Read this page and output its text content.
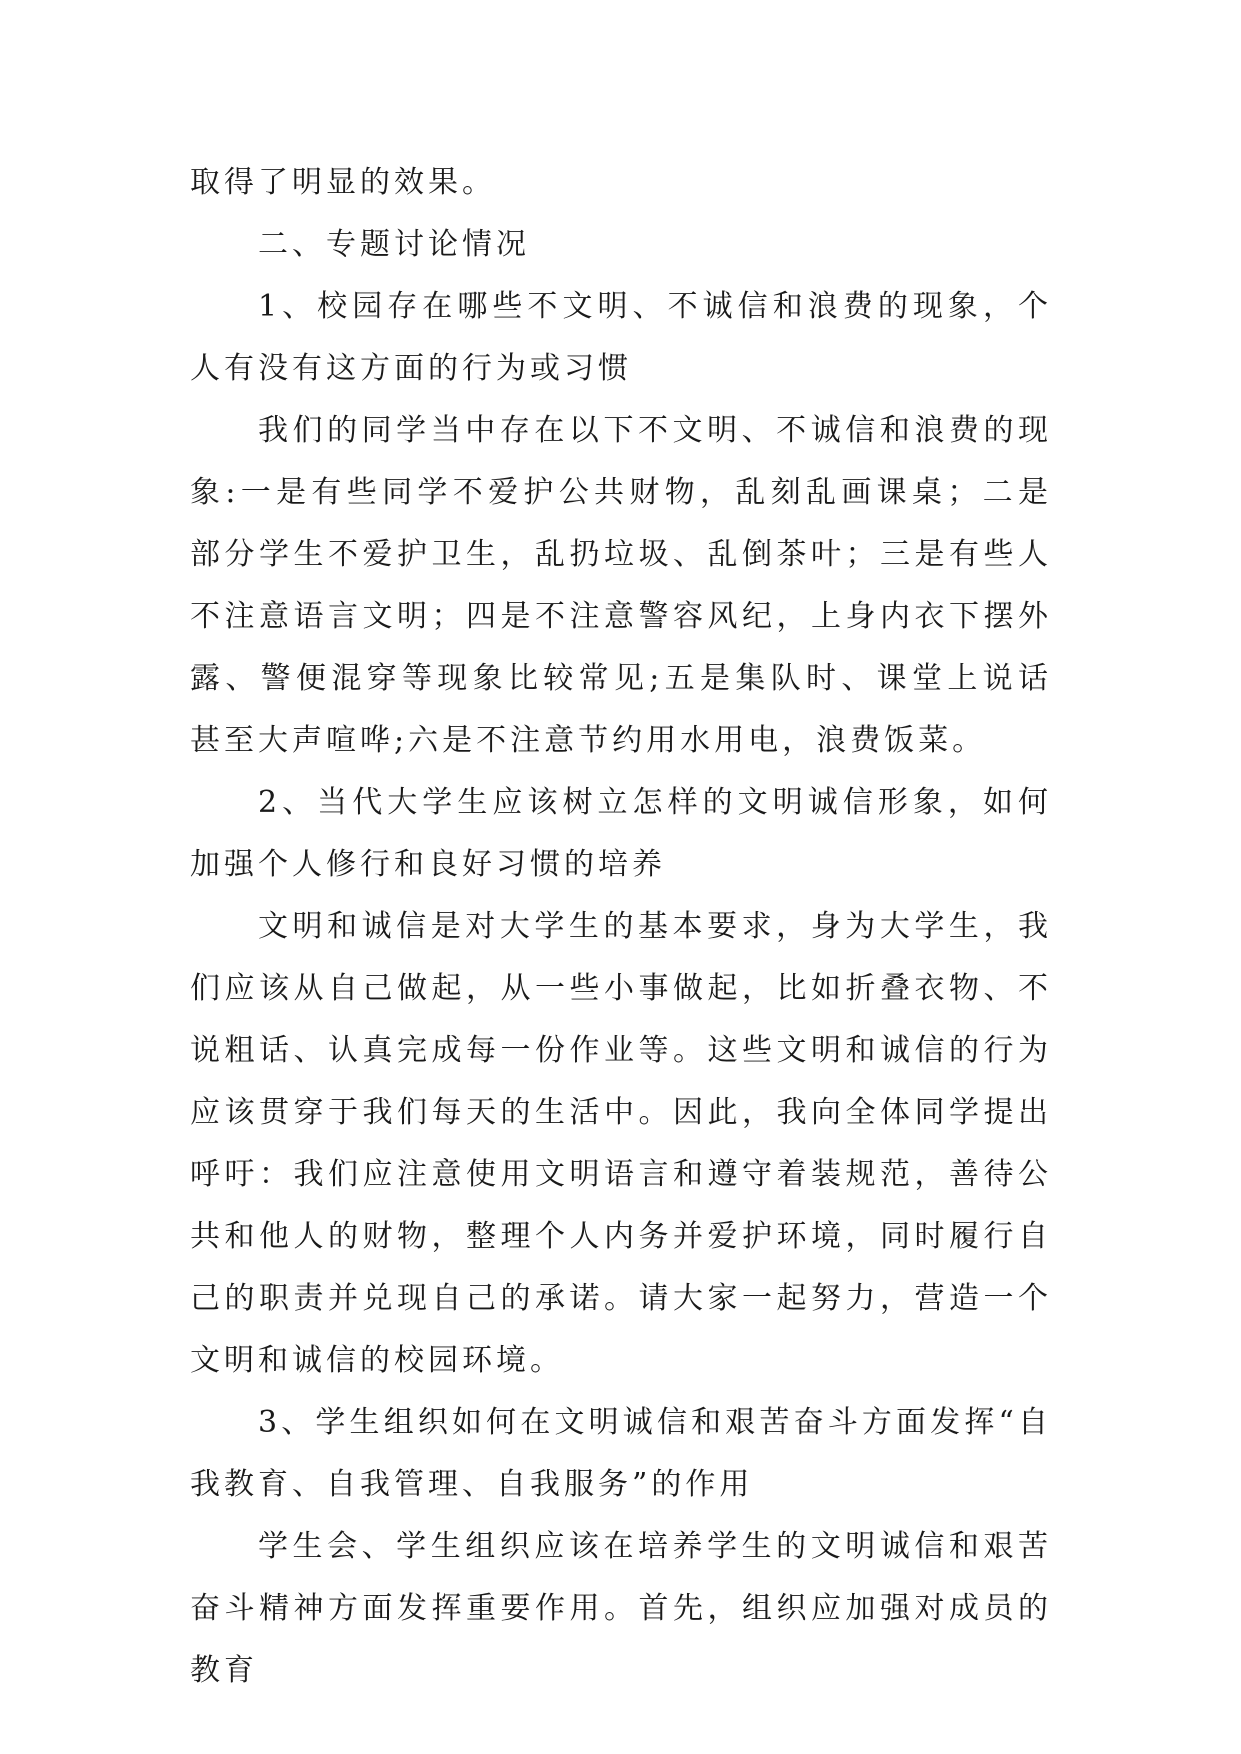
取得了明显的效果。

二、专题讨论情况

1、校园存在哪些不文明、不诚信和浪费的现象，个人有没有这方面的行为或习惯

我们的同学当中存在以下不文明、不诚信和浪费的现象:一是有些同学不爱护公共财物，乱刻乱画课桌；二是部分学生不爱护卫生，乱扔垃圾、乱倒茶叶；三是有些人不注意语言文明；四是不注意警容风纪，上身内衣下摆外露、警便混穿等现象比较常见;五是集队时、课堂上说话甚至大声喧哗;六是不注意节约用水用电，浪费饭菜。

2、当代大学生应该树立怎样的文明诚信形象，如何加强个人修行和良好习惯的培养

文明和诚信是对大学生的基本要求，身为大学生，我们应该从自己做起，从一些小事做起，比如折叠衣物、不说粗话、认真完成每一份作业等。这些文明和诚信的行为应该贯穿于我们每天的生活中。因此，我向全体同学提出呼吁：我们应注意使用文明语言和遵守着装规范，善待公共和他人的财物，整理个人内务并爱护环境，同时履行自己的职责并兑现自己的承诺。请大家一起努力，营造一个文明和诚信的校园环境。

3、学生组织如何在文明诚信和艰苦奋斗方面发挥“自我教育、自我管理、自我服务”的作用

学生会、学生组织应该在培养学生的文明诚信和艰苦奋斗精神方面发挥重要作用。首先，组织应加强对成员的教育
